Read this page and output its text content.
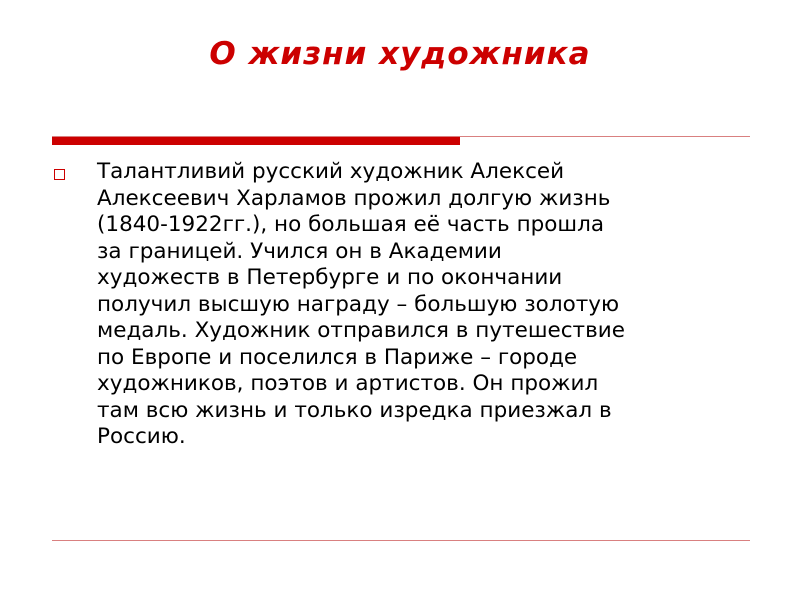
О жизни художника
Талантливий русский художник Алексей
Алексеевич Харламов прожил долгую жизнь
(1840-1922гг.), но большая её часть прошла
за границей. Учился он в Академии
художеств в Петербурге и по окончании
получил высшую награду – большую золотую
медаль. Художник отправился в путешествие
по Европе и поселился в Париже – городе
художников, поэтов и артистов. Он прожил
там всю жизнь и только изредка приезжал в
Россию.
